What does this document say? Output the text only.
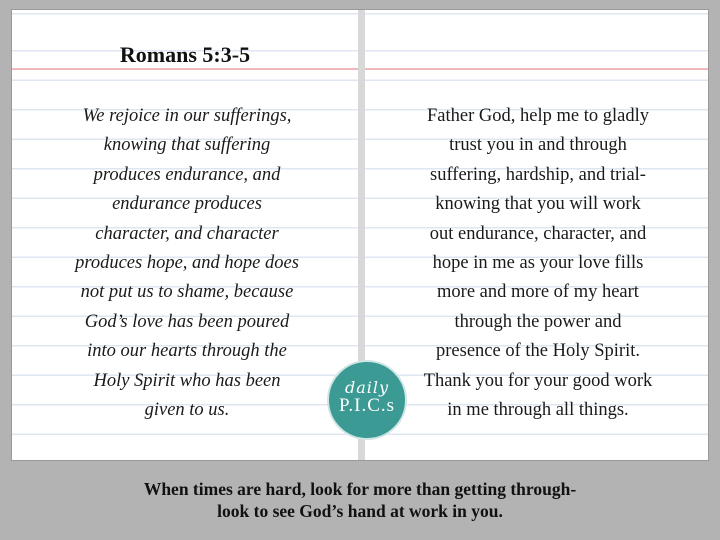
Romans 5:3-5
We rejoice in our sufferings,
knowing that suffering
produces endurance, and
endurance produces
character, and character
produces hope, and hope does
not put us to shame, because
God’s love has been poured
into our hearts through the
Holy Spirit who has been
given to us.
Father God, help me to gladly
trust you in and through
suffering, hardship, and trial-
knowing that you will work
out endurance, character, and
hope in me as your love fills
more and more of my heart
through the power and
presence of the Holy Spirit.
Thank you for your good work
in me through all things.
daily
P.I.C.s
When times are hard, look for more than getting through-
look to see God’s hand at work in you.
